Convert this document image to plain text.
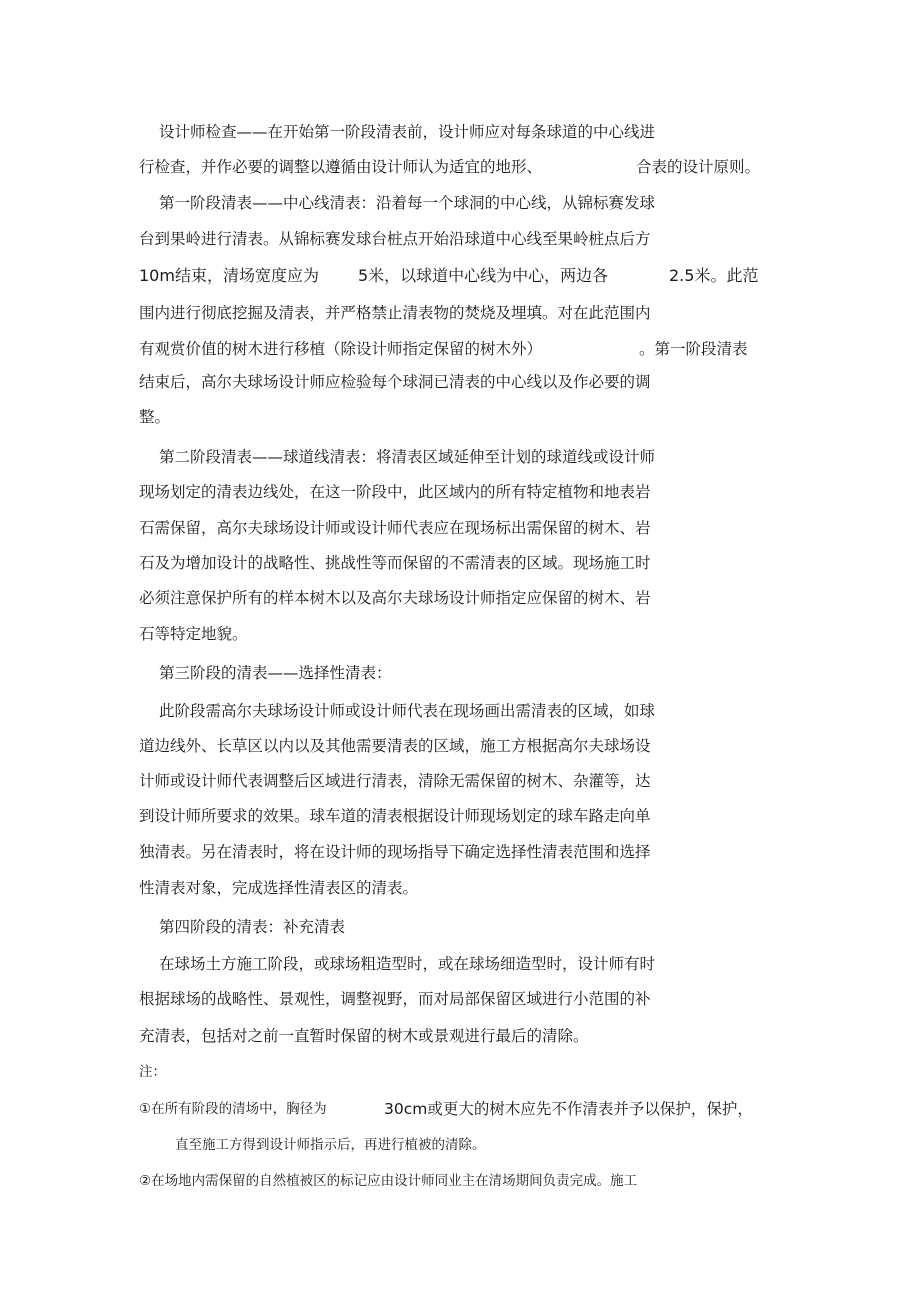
设计师检查——在开始第一阶段清表前，设计师应对每条球道的中心线进
行检查，并作必要的调整以遵循由设计师认为适宜的地形、	合表的设计原则。
第一阶段清表——中心线清表：沿着每一个球洞的中心线，从锦标赛发球
台到果岭进行清表。从锦标赛发球台桩点开始沿球道中心线至果岭桩点后方
10m结束，清场宽度应为 5米，以球道中心线为中心，两边各	2.5米。此范
围内进行彻底挖掘及清表，并严格禁止清表物的焚烧及埋填。对在此范围内
有观赏价值的树木进行移植（除设计师指定保留的树木外）	。第一阶段清表
结束后，高尔夫球场设计师应检验每个球洞已清表的中心线以及作必要的调
整。
第二阶段清表——球道线清表：将清表区域延伸至计划的球道线或设计师
现场划定的清表边线处，在这一阶段中，此区域内的所有特定植物和地表岩
石需保留，高尔夫球场设计师或设计师代表应在现场标出需保留的树木、岩
石及为增加设计的战略性、挑战性等而保留的不需清表的区域。现场施工时
必须注意保护所有的样本树木以及高尔夫球场设计师指定应保留的树木、岩
石等特定地貌。
第三阶段的清表——选择性清表：
此阶段需高尔夫球场设计师或设计师代表在现场画出需清表的区域，如球
道边线外、长草区以内以及其他需要清表的区域，施工方根据高尔夫球场设
计师或设计师代表调整后区域进行清表，清除无需保留的树木、杂灌等，达
到设计师所要求的效果。球车道的清表根据设计师现场划定的球车路走向单
独清表。另在清表时，将在设计师的现场指导下确定选择性清表范围和选择
性清表对象，完成选择性清表区的清表。
第四阶段的清表：补充清表
在球场土方施工阶段，或球场粗造型时，或在球场细造型时，设计师有时
根据球场的战略性、景观性，调整视野，而对局部保留区域进行小范围的补
充清表，包括对之前一直暂时保留的树木或景观进行最后的清除。
注：
①在所有阶段的清场中，胸径为	30cm或更大的树木应先不作清表并予以保护，保护，
直至施工方得到设计师指示后，再进行植被的清除。
②在场地内需保留的自然植被区的标记应由设计师同业主在清场期间负责完成。施工
